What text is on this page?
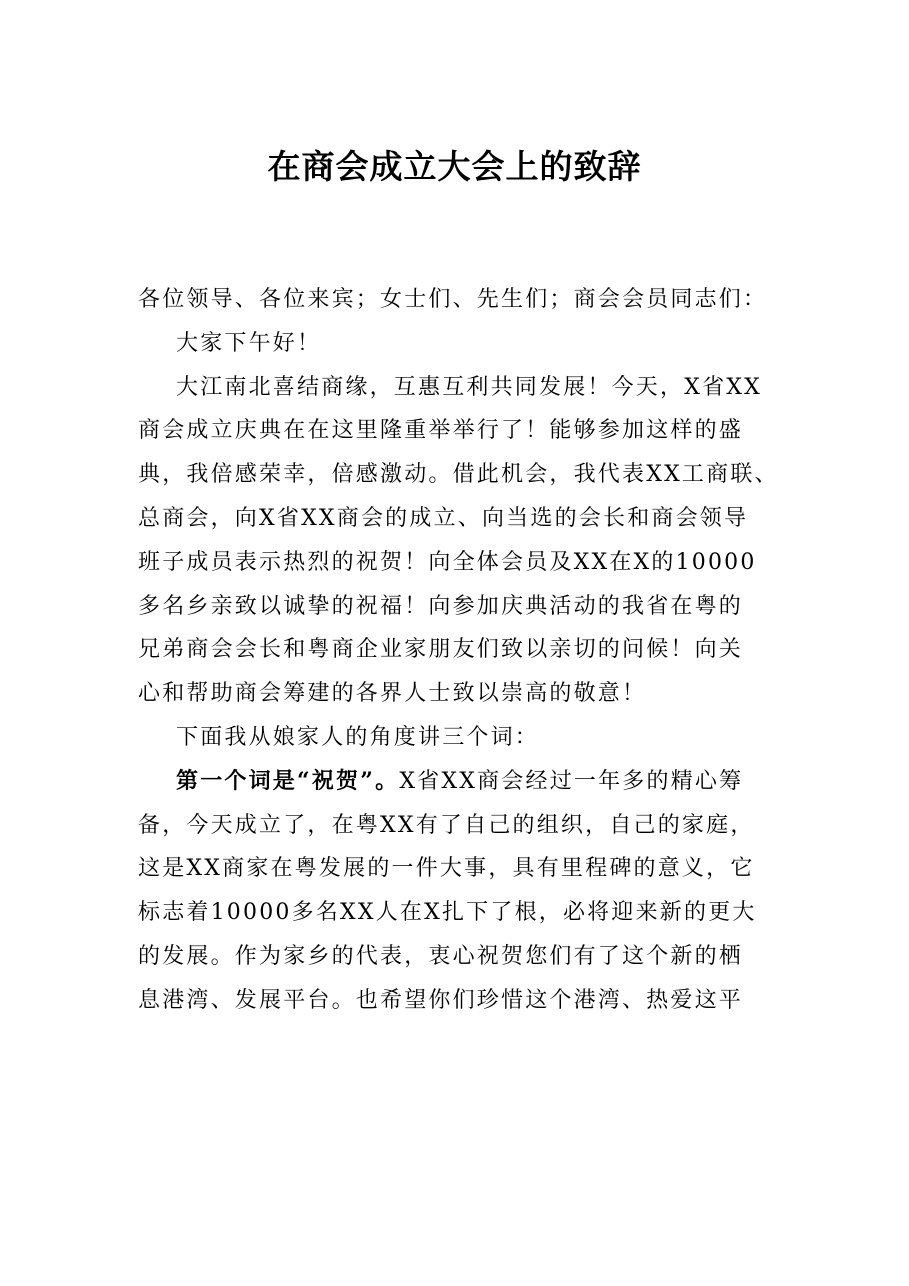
在商会成立大会上的致辞
各位领导、各位来宾；女士们、先生们；商会会员同志们：
大家下午好！
大江南北喜结商缘，互惠互利共同发展！今天，X省XX
商会成立庆典在在这里隆重举举行了！能够参加这样的盛
典，我倍感荣幸，倍感激动。借此机会，我代表XX工商联、
总商会，向X省XX商会的成立、向当选的会长和商会领导
班子成员表示热烈的祝贺！向全体会员及XX在X的10000
多名乡亲致以诚挚的祝福！向参加庆典活动的我省在粤的
兄弟商会会长和粤商企业家朋友们致以亲切的问候！向关
心和帮助商会筹建的各界人士致以崇高的敬意！
下面我从娘家人的角度讲三个词：
第一个词是“祝贺”。X省XX商会经过一年多的精心筹
备，今天成立了，在粤XX有了自己的组织，自己的家庭，
这是XX商家在粤发展的一件大事，具有里程碑的意义，它
标志着10000多名XX人在X扎下了根，必将迎来新的更大
的发展。作为家乡的代表，衷心祝贺您们有了这个新的栖
息港湾、发展平台。也希望你们珍惜这个港湾、热爱这平
